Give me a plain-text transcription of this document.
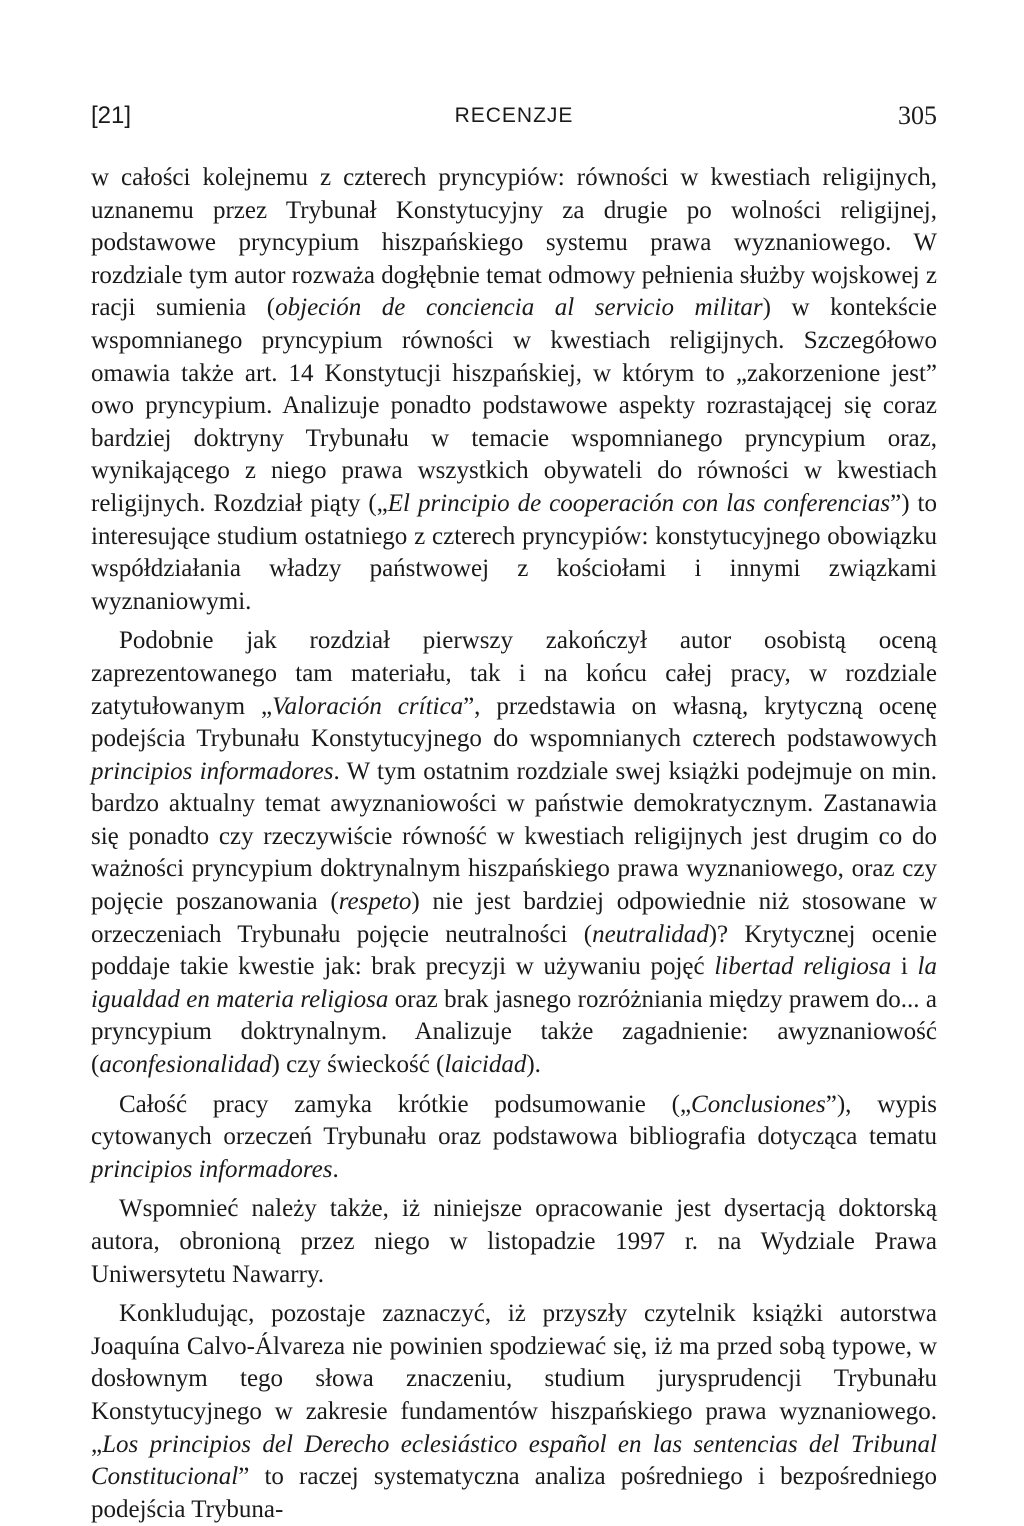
[21]	RECENZJE	305

w całości kolejnemu z czterech pryncypiów: równości w kwestiach religijnych, uznanemu przez Trybunał Konstytucyjny za drugie po wolności religijnej, podstawowe pryncypium hiszpańskiego systemu prawa wyznaniowego. W rozdziale tym autor rozważa dogłębnie temat odmowy pełnienia służby wojskowej z racji sumienia (objeción de conciencia al servicio militar) w kontekście wspomnianego pryncypium równości w kwestiach religijnych. Szczegółowo omawia także art. 14 Konstytucji hiszpańskiej, w którym to „zakorzenione jest” owo pryncypium. Analizuje ponadto podstawowe aspekty rozrastającej się coraz bardziej doktryny Trybunału w temacie wspomnianego pryncypium oraz, wynikającego z niego prawa wszystkich obywateli do równości w kwestiach religijnych. Rozdział piąty („El principio de cooperación con las conferencias”) to interesujące studium ostatniego z czterech pryncypiów: konstytucyjnego obowiązku współdziałania władzy państwowej z kościołami i innymi związkami wyznaniowymi.

Podobnie jak rozdział pierwszy zakończył autor osobistą oceną zaprezentowanego tam materiału, tak i na końcu całej pracy, w rozdziale zatytułowanym „Valoración crítica”, przedstawia on własną, krytyczną ocenę podejścia Trybunału Konstytucyjnego do wspomnianych czterech podstawowych principios informadores. W tym ostatnim rozdziale swej książki podejmuje on min. bardzo aktualny temat awyznaniowości w państwie demokratycznym. Zastanawia się ponadto czy rzeczywiście równość w kwestiach religijnych jest drugim co do ważności pryncypium doktrynalnym hiszpańskiego prawa wyznaniowego, oraz czy pojęcie poszanowania (respeto) nie jest bardziej odpowiednie niż stosowane w orzeczeniach Trybunału pojęcie neutralności (neutralidad)? Krytycznej ocenie poddaje takie kwestie jak: brak precyzji w używaniu pojęć libertad religiosa i la igualdad en materia religiosa oraz brak jasnego rozróżniania między prawem do... a pryncypium doktrynalnym. Analizuje także zagadnienie: awyznaniowość (aconfesionalidad) czy świeckość (laicidad).

Całość pracy zamyka krótkie podsumowanie („Conclusiones”), wypis cytowanych orzeczeń Trybunału oraz podstawowa bibliografia dotycząca tematu principios informadores.

Wspomnieć należy także, iż niniejsze opracowanie jest dysertacją doktorską autora, obronioną przez niego w listopadzie 1997 r. na Wydziale Prawa Uniwersytetu Nawarry.

Konkludując, pozostaje zaznaczyć, iż przyszły czytelnik książki autorstwa Joaquína Calvo-Álvareza nie powinien spodziewać się, iż ma przed sobą typowe, w dosłownym tego słowa znaczeniu, studium jurysprudencji Trybunału Konstytucyjnego w zakresie fundamentów hiszpańskiego prawa wyznaniowego. „Los principios del Derecho eclesiástico español en las sentencias del Tribunal Constitucional” to raczej systematyczna analiza pośredniego i bezpośredniego podejścia Trybuna-
